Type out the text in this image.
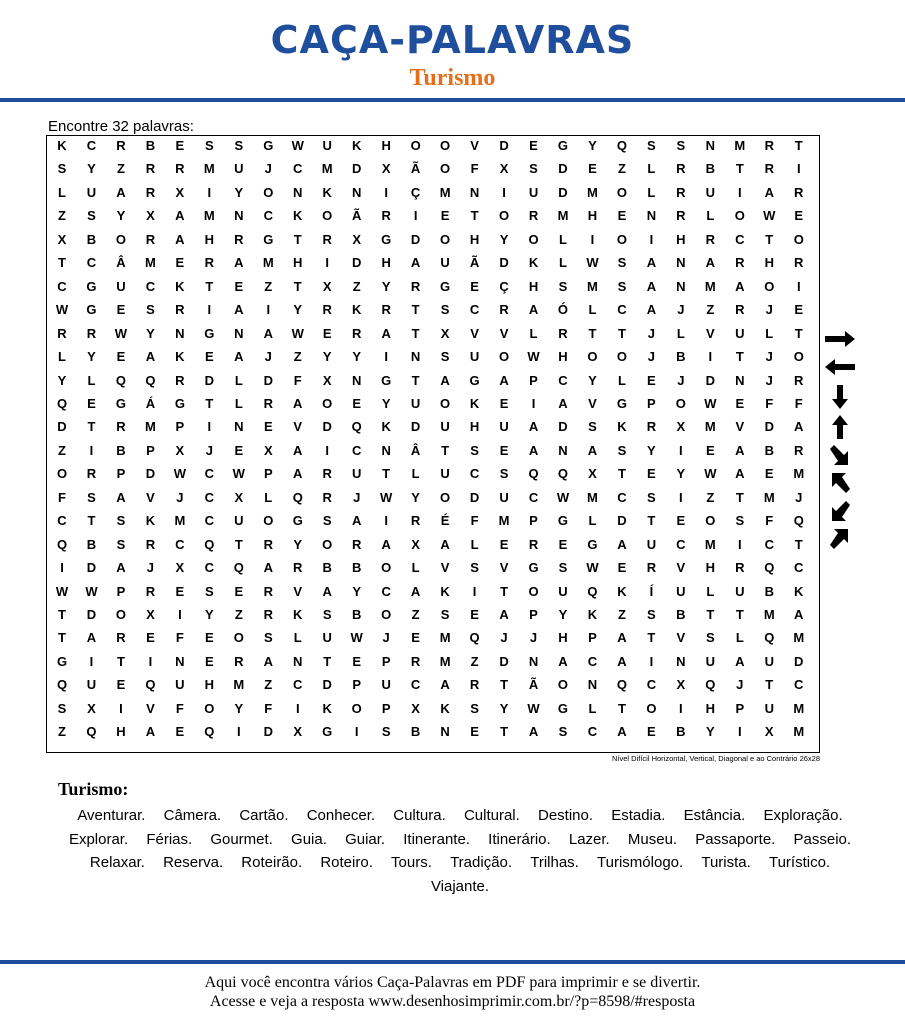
CAÇA-PALAVRAS
Turismo
Encontre 32 palavras:
K	C	R	B	E	S	S	G	W	U	K	H	O	O	V	D	E	G	Y	Q	S	S	N	M	R	T
S	Y	Z	R	R	M	U	J	C	M	D	X	Ã	O	F	X	S	D	E	Z	L	R	B	T	R	I
L	U	A	R	X	I	Y	O	N	K	N	I	Ç	M	N	I	U	D	M	O	L	R	U	I	A	R
Z	S	Y	X	A	M	N	C	K	O	Ã	R	I	E	T	O	R	M	H	E	N	R	L	O	W	E
X	B	O	R	A	H	R	G	T	R	X	G	D	O	H	Y	O	L	I	O	I	H	R	C	T	O
T	C	Â	M	E	R	A	M	H	I	D	H	A	U	Ã	D	K	L	W	S	A	N	A	R	H	R
C	G	U	C	K	T	E	Z	T	X	Z	Y	R	G	E	Ç	H	S	M	S	A	N	M	A	O	I
W	G	E	S	R	I	A	I	Y	R	K	R	T	S	C	R	A	Ó	L	C	A	J	Z	R	J	E
R	R	W	Y	N	G	N	A	W	E	R	A	T	X	V	V	L	R	T	T	J	L	V	U	L	T
L	Y	E	A	K	E	A	J	Z	Y	Y	I	N	S	U	O	W	H	O	O	J	B	I	T	J	O
Y	L	Q	Q	R	D	L	D	F	X	N	G	T	A	G	A	P	C	Y	L	E	J	D	N	J	R
Q	E	G	Á	G	T	L	R	A	O	E	Y	U	O	K	E	I	A	V	G	P	O	W	E	F	F
D	T	R	M	P	I	N	E	V	D	Q	K	D	U	H	U	A	D	S	K	R	X	M	V	D	A
Z	I	B	P	X	J	E	X	A	I	C	N	Â	T	S	E	A	N	A	S	Y	I	E	A	B	R
O	R	P	D	W	C	W	P	A	R	U	T	L	U	C	S	Q	Q	X	T	E	Y	W	A	E	M
F	S	A	V	J	C	X	L	Q	R	J	W	Y	O	D	U	C	W	M	C	S	I	Z	T	M	J
C	T	S	K	M	C	U	O	G	S	A	I	R	É	F	M	P	G	L	D	T	E	O	S	F	Q
Q	B	S	R	C	Q	T	R	Y	O	R	A	X	A	L	E	R	E	G	A	U	C	M	I	C	T
I	D	A	J	X	C	Q	A	R	B	B	O	L	V	S	V	G	S	W	E	R	V	H	R	Q	C
W	W	P	R	E	S	E	R	V	A	Y	C	A	K	I	T	O	U	Q	K	Í	U	L	U	B	K
T	D	O	X	I	Y	Z	R	K	S	B	O	Z	S	E	A	P	Y	K	Z	S	B	T	T	M	A
T	A	R	E	F	E	O	S	L	U	W	J	E	M	Q	J	J	H	P	A	T	V	S	L	Q	M
G	I	T	I	N	E	R	A	N	T	E	P	R	M	Z	D	N	A	C	A	I	N	U	A	U	D
Q	U	E	Q	U	H	M	Z	C	D	P	U	C	A	R	T	Ã	O	N	Q	C	X	Q	J	T	C
S	X	I	V	F	O	Y	F	I	K	O	P	X	K	S	Y	W	G	L	T	O	I	H	P	U	M
Z	Q	H	A	E	Q	I	D	X	G	I	S	B	N	E	T	A	S	C	A	E	B	Y	I	X	M
Nível Difícil Horizontal, Vertical, Diagonal e ao Contrário 26x28
Turismo:
Aventurar. Câmera. Cartão. Conhecer. Cultura. Cultural. Destino. Estadia. Estância. Exploração. Explorar. Férias. Gourmet. Guia. Guiar. Itinerante. Itinerário. Lazer. Museu. Passaporte. Passeio. Relaxar. Reserva. Roteirão. Roteiro. Tours. Tradição. Trilhas. Turismólogo. Turista. Turístico. Viajante.
Aqui você encontra vários Caça-Palavras em PDF para imprimir e se divertir.
Acesse e veja a resposta www.desenhosimprimir.com.br/?p=8598/#resposta
